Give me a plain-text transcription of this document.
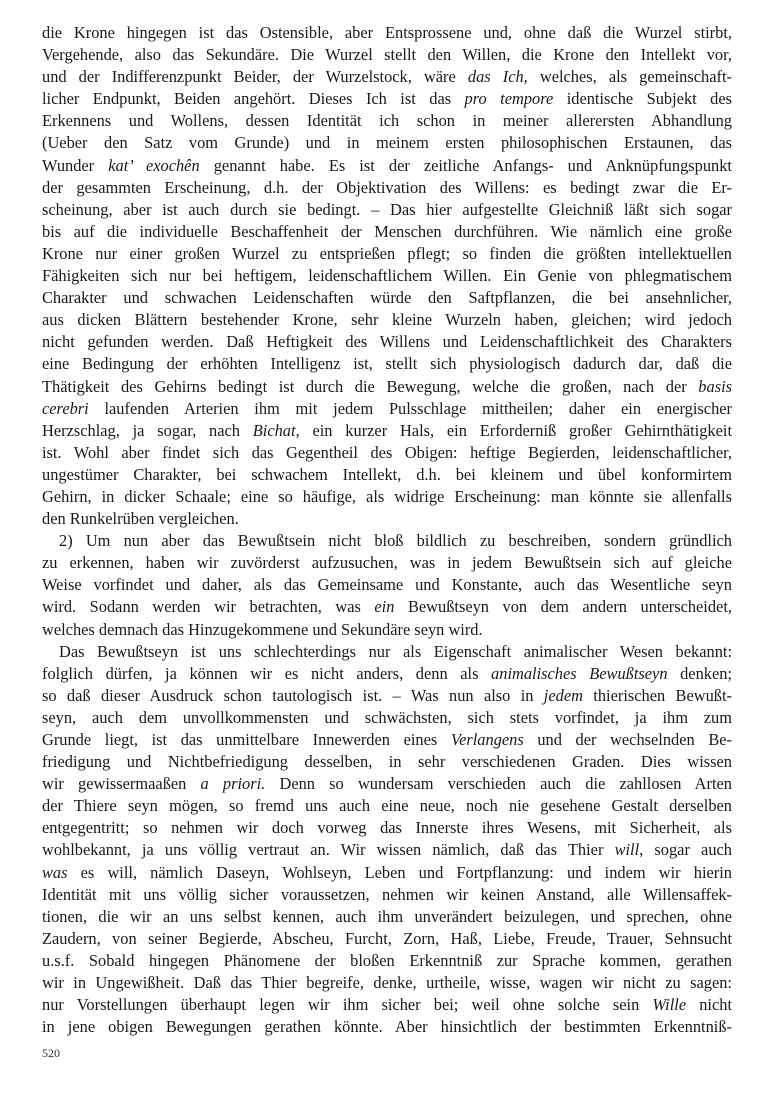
die Krone hingegen ist das Ostensible, aber Entsprossene und, ohne daß die Wurzel stirbt,
Vergehende, also das Sekundäre. Die Wurzel stellt den Willen, die Krone den Intellekt vor,
und der Indifferenzpunkt Beider, der Wurzelstock, wäre das Ich, welches, als gemeinschaft-
licher Endpunkt, Beiden angehört. Dieses Ich ist das pro tempore identische Subjekt des
Erkennens und Wollens, dessen Identität ich schon in meiner allerersten Abhandlung
(Ueber den Satz vom Grunde) und in meinem ersten philosophischen Erstaunen, das
Wunder kat’ exochên genannt habe. Es ist der zeitliche Anfangs- und Anknüpfungspunkt
der gesammten Erscheinung, d.h. der Objektivation des Willens: es bedingt zwar die Er-
scheinung, aber ist auch durch sie bedingt. – Das hier aufgestellte Gleichniß läßt sich sogar
bis auf die individuelle Beschaffenheit der Menschen durchführen. Wie nämlich eine große
Krone nur einer großen Wurzel zu entsprießen pflegt; so finden die größten intellektuellen
Fähigkeiten sich nur bei heftigem, leidenschaftlichem Willen. Ein Genie von phlegmatischem
Charakter und schwachen Leidenschaften würde den Saftpflanzen, die bei ansehnlicher,
aus dicken Blättern bestehender Krone, sehr kleine Wurzeln haben, gleichen; wird jedoch
nicht gefunden werden. Daß Heftigkeit des Willens und Leidenschaftlichkeit des Charakters
eine Bedingung der erhöhten Intelligenz ist, stellt sich physiologisch dadurch dar, daß die
Thätigkeit des Gehirns bedingt ist durch die Bewegung, welche die großen, nach der basis
cerebri laufenden Arterien ihm mit jedem Pulsschlage mittheilen; daher ein energischer
Herzschlag, ja sogar, nach Bichat, ein kurzer Hals, ein Erforderniß großer Gehirnthätigkeit
ist. Wohl aber findet sich das Gegentheil des Obigen: heftige Begierden, leidenschaftlicher,
ungestümer Charakter, bei schwachem Intellekt, d.h. bei kleinem und übel konformirtem
Gehirn, in dicker Schaale; eine so häufige, als widrige Erscheinung: man könnte sie allenfalls
den Runkelrüben vergleichen.
2) Um nun aber das Bewußtsein nicht bloß bildlich zu beschreiben, sondern gründlich
zu erkennen, haben wir zuvörderst aufzusuchen, was in jedem Bewußtsein sich auf gleiche
Weise vorfindet und daher, als das Gemeinsame und Konstante, auch das Wesentliche seyn
wird. Sodann werden wir betrachten, was ein Bewußtseyn von dem andern unterscheidet,
welches demnach das Hinzugekommene und Sekundäre seyn wird.
Das Bewußtseyn ist uns schlechterdings nur als Eigenschaft animalischer Wesen bekannt:
folglich dürfen, ja können wir es nicht anders, denn als animalisches Bewußtseyn denken;
so daß dieser Ausdruck schon tautologisch ist. – Was nun also in jedem thierischen Bewußt-
seyn, auch dem unvollkommensten und schwächsten, sich stets vorfindet, ja ihm zum
Grunde liegt, ist das unmittelbare Innewerden eines Verlangens und der wechselnden Be-
friedigung und Nichtbefriedigung desselben, in sehr verschiedenen Graden. Dies wissen
wir gewissermaaßen a priori. Denn so wundersam verschieden auch die zahllosen Arten
der Thiere seyn mögen, so fremd uns auch eine neue, noch nie gesehene Gestalt derselben
entgegentritt; so nehmen wir doch vorweg das Innerste ihres Wesens, mit Sicherheit, als
wohlbekannt, ja uns völlig vertraut an. Wir wissen nämlich, daß das Thier will, sogar auch
was es will, nämlich Daseyn, Wohlseyn, Leben und Fortpflanzung: und indem wir hierin
Identität mit uns völlig sicher voraussetzen, nehmen wir keinen Anstand, alle Willensaffek-
tionen, die wir an uns selbst kennen, auch ihm unverändert beizulegen, und sprechen, ohne
Zaudern, von seiner Begierde, Abscheu, Furcht, Zorn, Haß, Liebe, Freude, Trauer, Sehnsucht
u.s.f. Sobald hingegen Phänomene der bloßen Erkenntniß zur Sprache kommen, gerathen
wir in Ungewißheit. Daß das Thier begreife, denke, urtheile, wisse, wagen wir nicht zu sagen:
nur Vorstellungen überhaupt legen wir ihm sicher bei; weil ohne solche sein Wille nicht
in jene obigen Bewegungen gerathen könnte. Aber hinsichtlich der bestimmten Erkenntniß-
520
